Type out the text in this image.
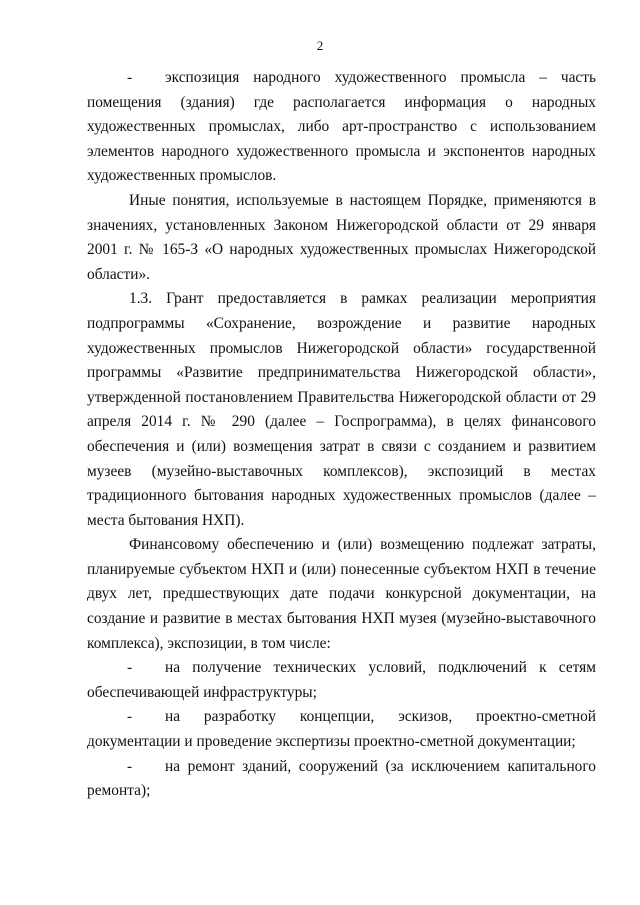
2

- экспозиция народного художественного промысла – часть помещения (здания) где располагается информация о народных художественных промыслах, либо арт-пространство с использованием элементов народного художественного промысла и экспонентов народных художественных промыслов.

Иные понятия, используемые в настоящем Порядке, применяются в значениях, установленных Законом Нижегородской области от 29 января 2001 г. № 165-З «О народных художественных промыслах Нижегородской области».

1.3. Грант предоставляется в рамках реализации мероприятия подпрограммы «Сохранение, возрождение и развитие народных художественных промыслов Нижегородской области» государственной программы «Развитие предпринимательства Нижегородской области», утвержденной постановлением Правительства Нижегородской области от 29 апреля 2014 г. № 290 (далее – Госпрограмма), в целях финансового обеспечения и (или) возмещения затрат в связи с созданием и развитием музеев (музейно-выставочных комплексов), экспозиций в местах традиционного бытования народных художественных промыслов (далее – места бытования НХП).

Финансовому обеспечению и (или) возмещению подлежат затраты, планируемые субъектом НХП и (или) понесенные субъектом НХП в течение двух лет, предшествующих дате подачи конкурсной документации, на создание и развитие в местах бытования НХП музея (музейно-выставочного комплекса), экспозиции, в том числе:

- на получение технических условий, подключений к сетям обеспечивающей инфраструктуры;

- на разработку концепции, эскизов, проектно-сметной документации и проведение экспертизы проектно-сметной документации;

- на ремонт зданий, сооружений (за исключением капитального ремонта);
